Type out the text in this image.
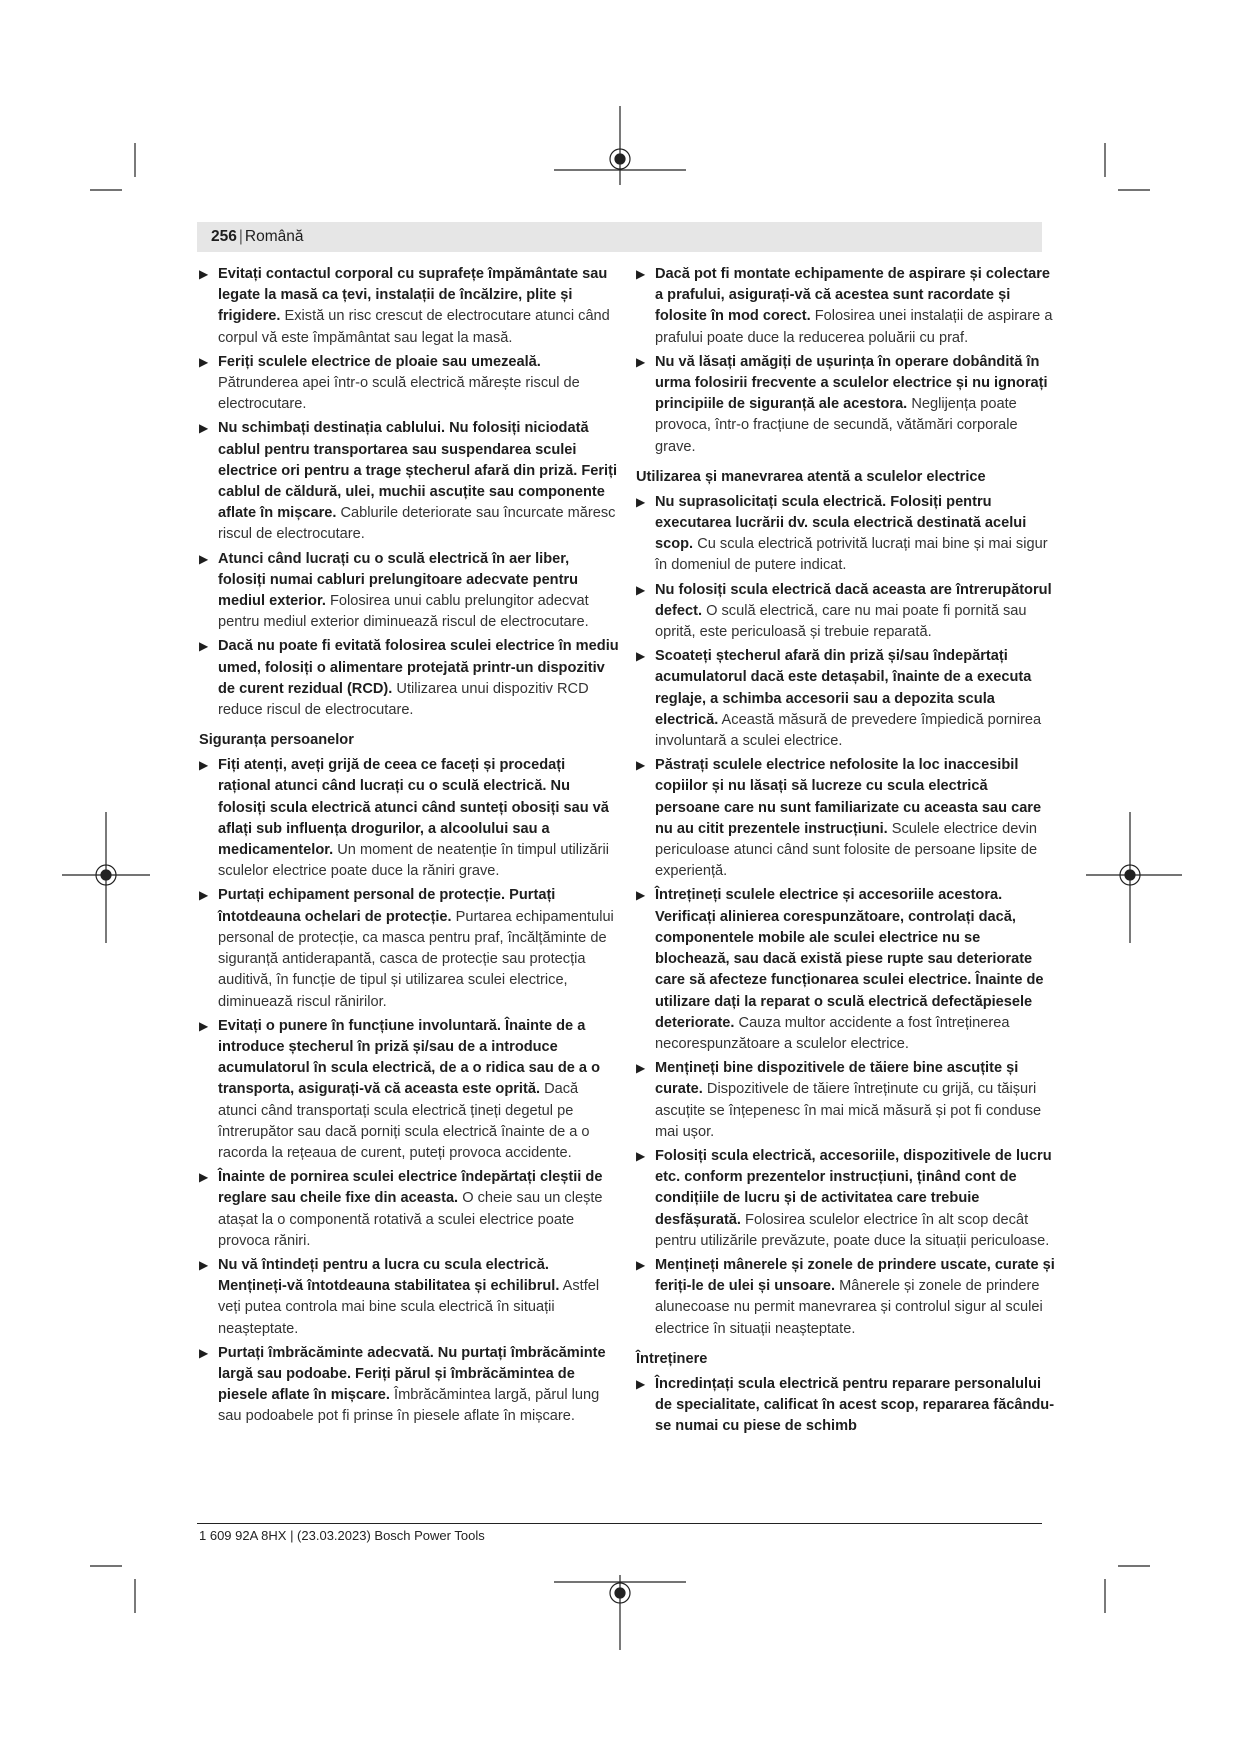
256 | Română
▶ Evitați contactul corporal cu suprafețe împământate sau legate la masă ca țevi, instalații de încălzire, plite și frigidere. Există un risc crescut de electrocutare atunci când corpul vă este împământat sau legat la masă.
▶ Feriți sculele electrice de ploaie sau umezeală. Pătrunderea apei într-o sculă electrică mărește riscul de electrocutare.
▶ Nu schimbați destinația cablului. Nu folosiți niciodată cablul pentru transportarea sau suspendarea sculei electrice ori pentru a trage ștecherul afară din priză. Feriți cablul de căldură, ulei, muchii ascuțite sau componente aflate în mișcare. Cablurile deteriorate sau încurcate măresc riscul de electrocutare.
▶ Atunci când lucrați cu o sculă electrică în aer liber, folosiți numai cabluri prelungitoare adecvate pentru mediul exterior. Folosirea unui cablu prelungitor adecvat pentru mediul exterior diminuează riscul de electrocutare.
▶ Dacă nu poate fi evitată folosirea sculei electrice în mediu umed, folosiți o alimentare protejată printr-un dispozitiv de curent rezidual (RCD). Utilizarea unui dispozitiv RCD reduce riscul de electrocutare.
Siguranța persoanelor
▶ Fiți atenți, aveți grijă de ceea ce faceți și procedați rațional atunci când lucrați cu o sculă electrică. Nu folosiți scula electrică atunci când sunteți obosiți sau vă aflați sub influența drogurilor, a alcoolului sau a medicamentelor. Un moment de neatenție în timpul utilizării sculelor electrice poate duce la răniri grave.
▶ Purtați echipament personal de protecție. Purtați întotdeauna ochelari de protecție. Purtarea echipamentului personal de protecție, ca masca pentru praf, încălțăminte de siguranță antiderapantă, casca de protecție sau protecția auditivă, în funcție de tipul și utilizarea sculei electrice, diminuează riscul rănirilor.
▶ Evitați o punere în funcțiune involuntară. Înainte de a introduce ștecherul în priză și/sau de a introduce acumulatorul în scula electrică, de a o ridica sau de a o transporta, asigurați-vă că aceasta este oprită. Dacă atunci când transportați scula electrică țineți degetul pe întrerupător sau dacă porniți scula electrică înainte de a o racorda la rețeaua de curent, puteți provoca accidente.
▶ Înainte de pornirea sculei electrice îndepărtați cleștii de reglare sau cheile fixe din aceasta. O cheie sau un clește atașat la o componentă rotativă a sculei electrice poate provoca răniri.
▶ Nu vă întindeți pentru a lucra cu scula electrică. Mențineți-vă întotdeauna stabilitatea și echilibrul. Astfel veți putea controla mai bine scula electrică în situații neașteptate.
▶ Purtați îmbrăcăminte adecvată. Nu purtați îmbrăcăminte largă sau podoabe. Feriți părul și îmbrăcămintea de piesele aflate în mișcare. Îmbrăcămintea largă, părul lung sau podoabele pot fi prinse în piesele aflate în mișcare.
▶ Dacă pot fi montate echipamente de aspirare și colectare a prafului, asigurați-vă că acestea sunt racordate și folosite în mod corect. Folosirea unei instalații de aspirare a prafului poate duce la reducerea poluării cu praf.
▶ Nu vă lăsați amăgiți de ușurința în operare dobândită în urma folosirii frecvente a sculelor electrice și nu ignorați principiile de siguranță ale acestora. Neglijența poate provoca, într-o fracțiune de secundă, vătămări corporale grave.
Utilizarea și manevrarea atentă a sculelor electrice
▶ Nu suprasolicitați scula electrică. Folosiți pentru executarea lucrării dv. scula electrică destinată acelui scop. Cu scula electrică potrivită lucrați mai bine și mai sigur în domeniul de putere indicat.
▶ Nu folosiți scula electrică dacă aceasta are întrerupătorul defect. O sculă electrică, care nu mai poate fi pornită sau oprită, este periculoasă și trebuie reparată.
▶ Scoateți ștecherul afară din priză și/sau îndepărtați acumulatorul dacă este detașabil, înainte de a executa reglaje, a schimba accesorii sau a depozita scula electrică. Această măsură de prevedere împiedică pornirea involuntară a sculei electrice.
▶ Păstrați sculele electrice nefolosite la loc inaccesibil copiilor și nu lăsați să lucreze cu scula electrică persoane care nu sunt familiarizate cu aceasta sau care nu au citit prezentele instrucțiuni. Sculele electrice devin periculoase atunci când sunt folosite de persoane lipsite de experiență.
▶ Întrețineți sculele electrice și accesoriile acestora. Verificați alinierea corespunzătoare, controlați dacă, componentele mobile ale sculei electrice nu se blochează, sau dacă există piese rupte sau deteriorate care să afecteze funcționarea sculei electrice. Înainte de utilizare dați la reparat o sculă electrică defectăpiesele deteriorate. Cauza multor accidente a fost întreținerea necorespunzătoare a sculelor electrice.
▶ Mențineți bine dispozitivele de tăiere bine ascuțite și curate. Dispozitivele de tăiere întreținute cu grijă, cu tăișuri ascuțite se înțepenesc în mai mică măsură și pot fi conduse mai ușor.
▶ Folosiți scula electrică, accesoriile, dispozitivele de lucru etc. conform prezentelor instrucțiuni, ținând cont de condițiile de lucru și de activitatea care trebuie desfășurată. Folosirea sculelor electrice în alt scop decât pentru utilizările prevăzute, poate duce la situații periculoase.
▶ Mențineți mânerele și zonele de prindere uscate, curate și feriți-le de ulei și unsoare. Mânerele și zonele de prindere alunecoase nu permit manevrarea și controlul sigur al sculei electrice în situații neașteptate.
Întreținere
▶ Încredințați scula electrică pentru reparare personalului de specialitate, calificat în acest scop, repararea făcându-se numai cu piese de schimb
1 609 92A 8HX | (23.03.2023) Bosch Power Tools
